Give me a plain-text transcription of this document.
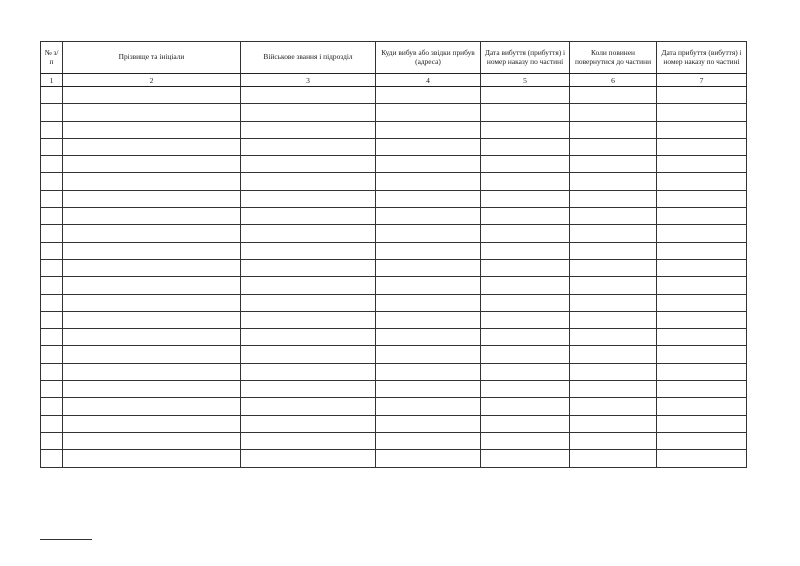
№ з/п	Прізвище та ініціали	Військове звання і підрозділ	Куди вибув або звідки прибув (адреса)	Дата вибуття (прибуття) і номер наказу по частині	Коли повинен повернутися до частини	Дата прибуття (вибуття) і номер наказу по частині
1	2	3	4	5	6	7
